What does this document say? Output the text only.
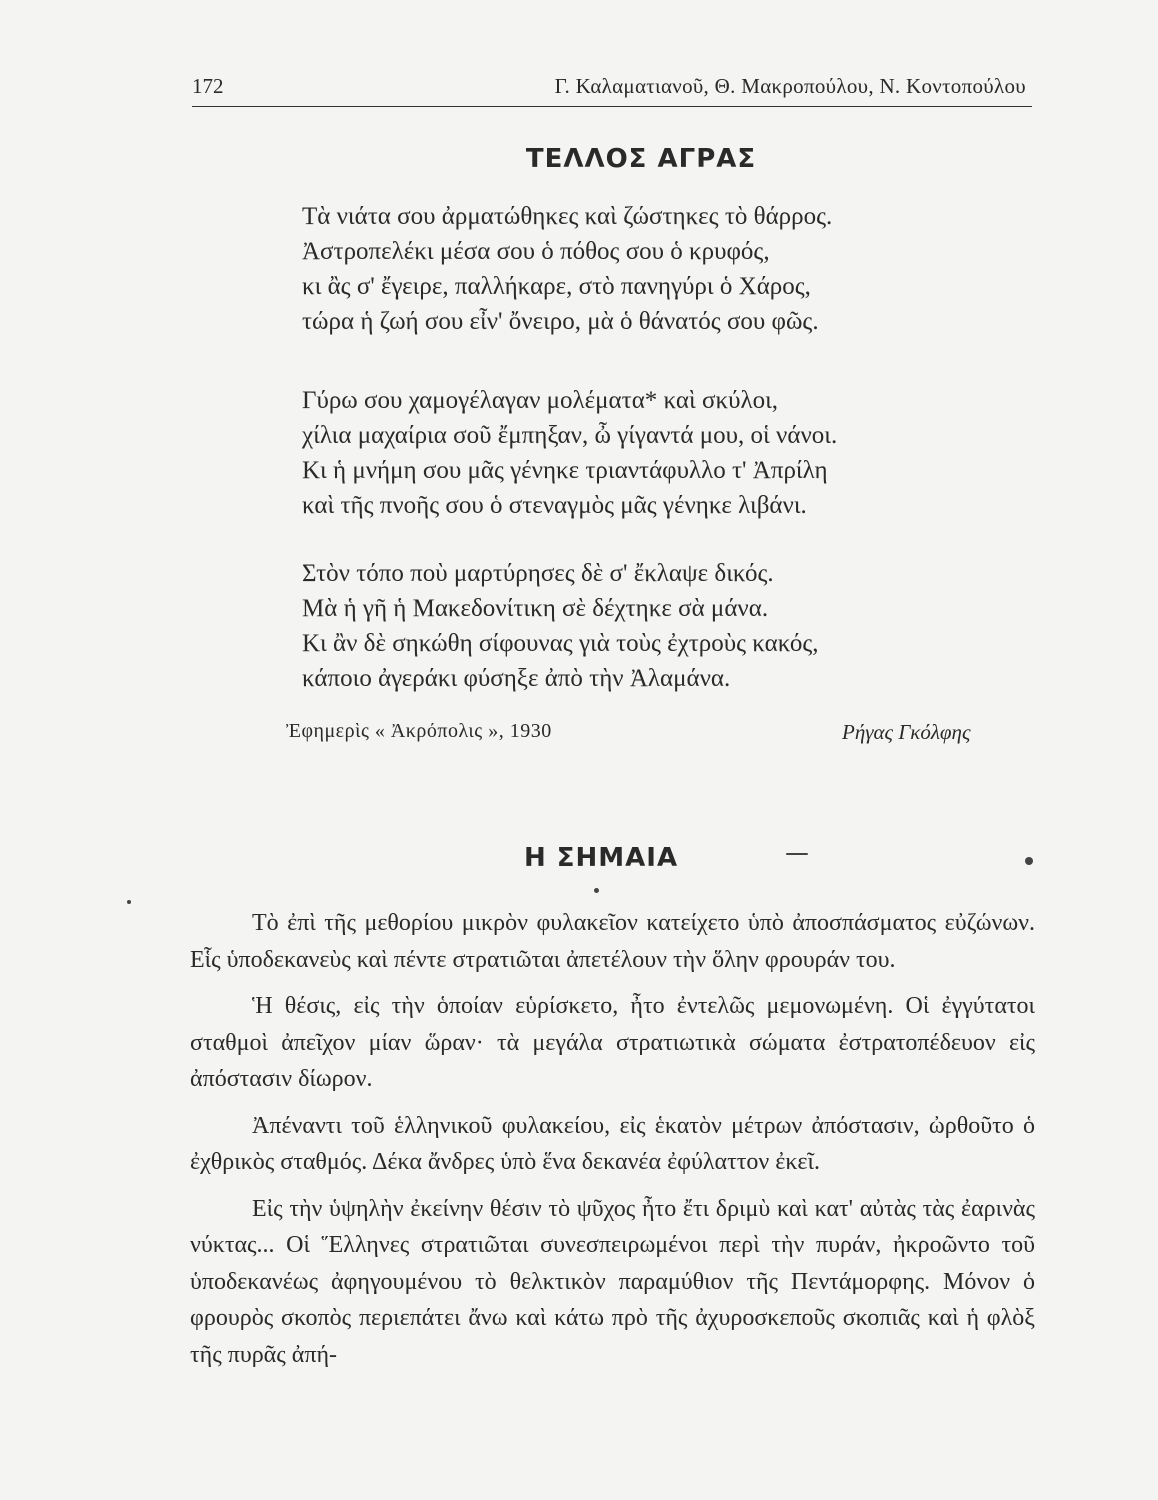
172	Γ. Καλαματιανοῦ, Θ. Μακροπούλου, Ν. Κοντοπούλου
ΤΕΛΛΟΣ ΑΓΡΑΣ
Τὰ νιάτα σου ἀρματώθηκες καὶ ζώστηκες τὸ θάρρος.
Ἀστροπελέκι μέσα σου ὁ πόθος σου ὁ κρυφός,
κι ἂς σ' ἔγειρε, παλλήκαρε, στὸ πανηγύρι ὁ Χάρος,
τώρα ἡ ζωή σου εἶν' ὄνειρο, μὰ ὁ θάνατός σου φῶς.
Γύρω σου χαμογέλαγαν μολέματα* καὶ σκύλοι,
χίλια μαχαίρια σοῦ ἔμπηξαν, ὦ γίγαντά μου, οἱ νάνοι.
Κι ἡ μνήμη σου μᾶς γένηκε τριαντάφυλλο τ' Ἀπρίλη
καὶ τῆς πνοῆς σου ὁ στεναγμὸς μᾶς γένηκε λιβάνι.
Στὸν τόπο ποὺ μαρτύρησες δὲ σ' ἔκλαψε δικός.
Μὰ ἡ γῆ ἡ Μακεδονίτικη σὲ δέχτηκε σὰ μάνα.
Κι ἂν δὲ σηκώθη σίφουνας γιὰ τοὺς ἐχτροὺς κακός,
κάποιο ἀγεράκι φύσηξε ἀπὸ τὴν Ἀλαμάνα.
Ἐφημερὶς « Ἀκρόπολις », 1930	Ρήγας Γκόλφης
Η ΣΗΜΑΙΑ

Τὸ ἐπὶ τῆς μεθορίου μικρὸν φυλακεῖον κατείχετο ὑπὸ ἀποσπάσματος εὐζώνων. Εἷς ὑποδεκανεὺς καὶ πέντε στρατιῶται ἀπετέλουν τὴν ὅλην φρουράν του.

Ἡ θέσις, εἰς τὴν ὁποίαν εὑρίσκετο, ἦτο ἐντελῶς μεμονωμένη. Οἱ ἐγγύτατοι σταθμοὶ ἀπεῖχον μίαν ὥραν· τὰ μεγάλα στρατιωτικὰ σώματα ἐστρατοπέδευον εἰς ἀπόστασιν δίωρον.

Ἀπέναντι τοῦ ἑλληνικοῦ φυλακείου, εἰς ἑκατὸν μέτρων ἀπόστασιν, ὠρθοῦτο ὁ ἐχθρικὸς σταθμός. Δέκα ἄνδρες ὑπὸ ἕνα δεκανέα ἐφύλαττον ἐκεῖ.

Εἰς τὴν ὑψηλὴν ἐκείνην θέσιν τὸ ψῦχος ἦτο ἔτι δριμὺ καὶ κατ' αὐτὰς τὰς ἐαρινὰς νύκτας... Οἱ Ἕλληνες στρατιῶται συνεσπειρωμένοι περὶ τὴν πυράν, ἠκροῶντο τοῦ ὑποδεκανέως ἀφηγουμένου τὸ θελκτικὸν παραμύθιον τῆς Πεντάμορφης. Μόνον ὁ φρουρὸς σκοπὸς περιεπάτει ἄνω καὶ κάτω πρὸ τῆς ἀχυροσκεποῦς σκοπιᾶς καὶ ἡ φλὸξ τῆς πυρᾶς ἀπή-
